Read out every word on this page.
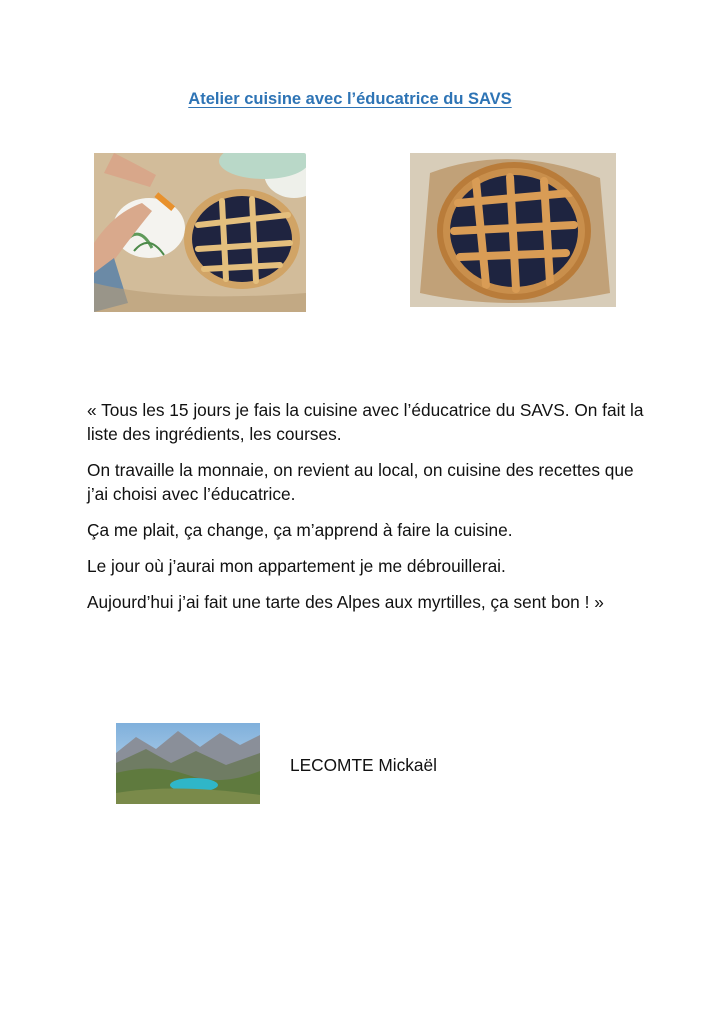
Atelier cuisine avec l’éducatrice du SAVS

« Tous les 15 jours je fais la cuisine avec l’éducatrice du SAVS. On fait la liste des ingrédients, les courses.

On travaille la monnaie, on revient au local, on cuisine des recettes que j’ai choisi avec l’éducatrice.

Ça me plait, ça change, ça m’apprend à faire la cuisine.

Le jour où j’aurai mon appartement je me débrouillerai.

Aujourd’hui j’ai fait une tarte des Alpes aux myrtilles, ça sent bon ! »

LECOMTE Mickaël
